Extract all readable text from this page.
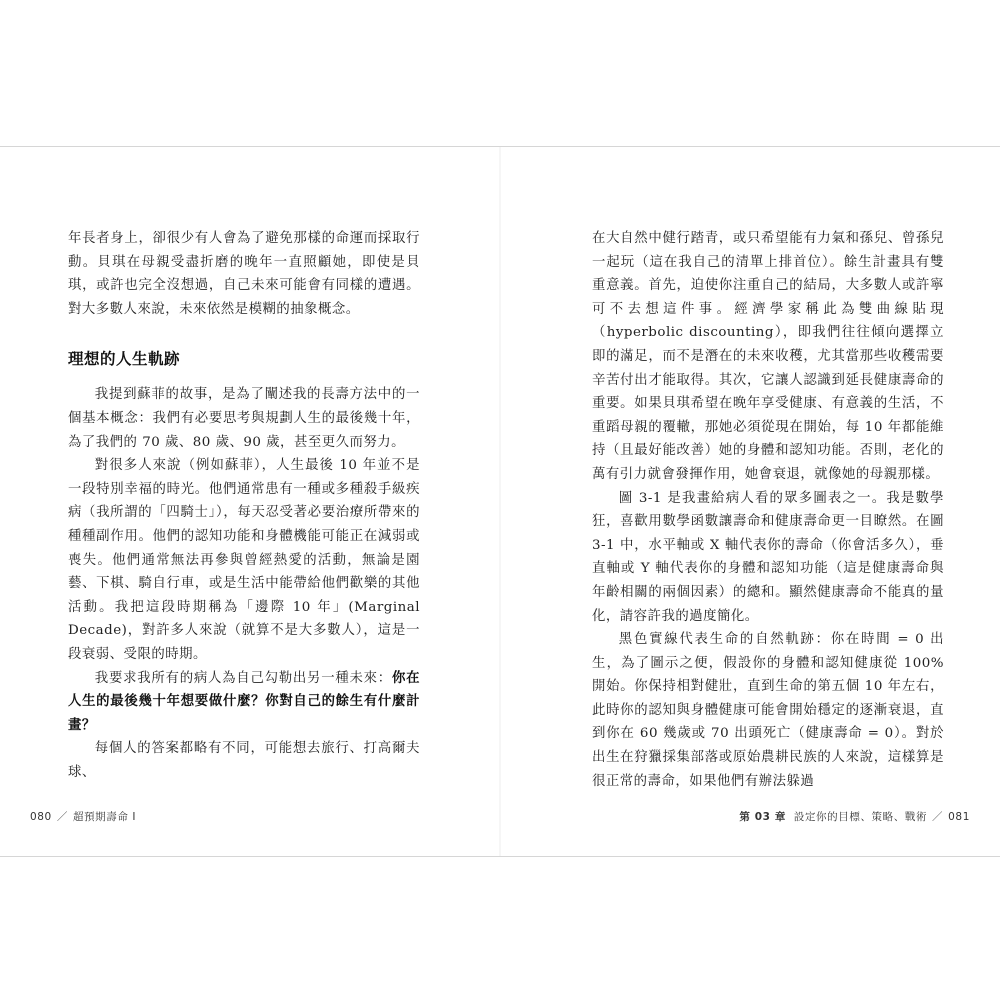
年長者身上，卻很少有人會為了避免那樣的命運而採取行動。貝琪在母親受盡折磨的晚年一直照顧她，即使是貝琪，或許也完全沒想過，自己未來可能會有同樣的遭遇。對大多數人來說，未來依然是模糊的抽象概念。

理想的人生軌跡

我提到蘇菲的故事，是為了闡述我的長壽方法中的一個基本概念：我們有必要思考與規劃人生的最後幾十年，為了我們的 70 歲、80 歲、90 歲，甚至更久而努力。

對很多人來說（例如蘇菲），人生最後 10 年並不是一段特別幸福的時光。他們通常患有一種或多種殺手級疾病（我所謂的「四騎士」），每天忍受著必要治療所帶來的種種副作用。他們的認知功能和身體機能可能正在減弱或喪失。他們通常無法再參與曾經熱愛的活動，無論是園藝、下棋、騎自行車，或是生活中能帶給他們歡樂的其他活動。我把這段時期稱為「邊際 10 年」(Marginal Decade)，對許多人來說（就算不是大多數人），這是一段衰弱、受限的時期。

我要求我所有的病人為自己勾勒出另一種未來：你在人生的最後幾十年想要做什麼？你對自己的餘生有什麼計畫？

每個人的答案都略有不同，可能想去旅行、打高爾夫球、

080 ／ 超預期壽命 I

在大自然中健行踏青，或只希望能有力氣和孫兒、曾孫兒一起玩（這在我自己的清單上排首位）。餘生計畫具有雙重意義。首先，迫使你注重自己的結局，大多數人或許寧可不去想這件事。經濟學家稱此為雙曲線貼現（hyperbolic discounting），即我們往往傾向選擇立即的滿足，而不是潛在的未來收穫，尤其當那些收穫需要辛苦付出才能取得。其次，它讓人認識到延長健康壽命的重要。如果貝琪希望在晚年享受健康、有意義的生活，不重蹈母親的覆轍，那她必須從現在開始，每 10 年都能維持（且最好能改善）她的身體和認知功能。否則，老化的萬有引力就會發揮作用，她會衰退，就像她的母親那樣。

圖 3-1 是我畫給病人看的眾多圖表之一。我是數學狂，喜歡用數學函數讓壽命和健康壽命更一目瞭然。在圖 3-1 中，水平軸或 X 軸代表你的壽命（你會活多久），垂直軸或 Y 軸代表你的身體和認知功能（這是健康壽命與年齡相關的兩個因素）的總和。顯然健康壽命不能真的量化，請容許我的過度簡化。

黑色實線代表生命的自然軌跡：你在時間 = 0 出生，為了圖示之便，假設你的身體和認知健康從 100% 開始。你保持相對健壯，直到生命的第五個 10 年左右，此時你的認知與身體健康可能會開始穩定的逐漸衰退，直到你在 60 幾歲或 70 出頭死亡（健康壽命 = 0）。對於出生在狩獵採集部落或原始農耕民族的人來說，這樣算是很正常的壽命，如果他們有辦法躲過

第 03 章 設定你的目標、策略、戰術 ／ 081
